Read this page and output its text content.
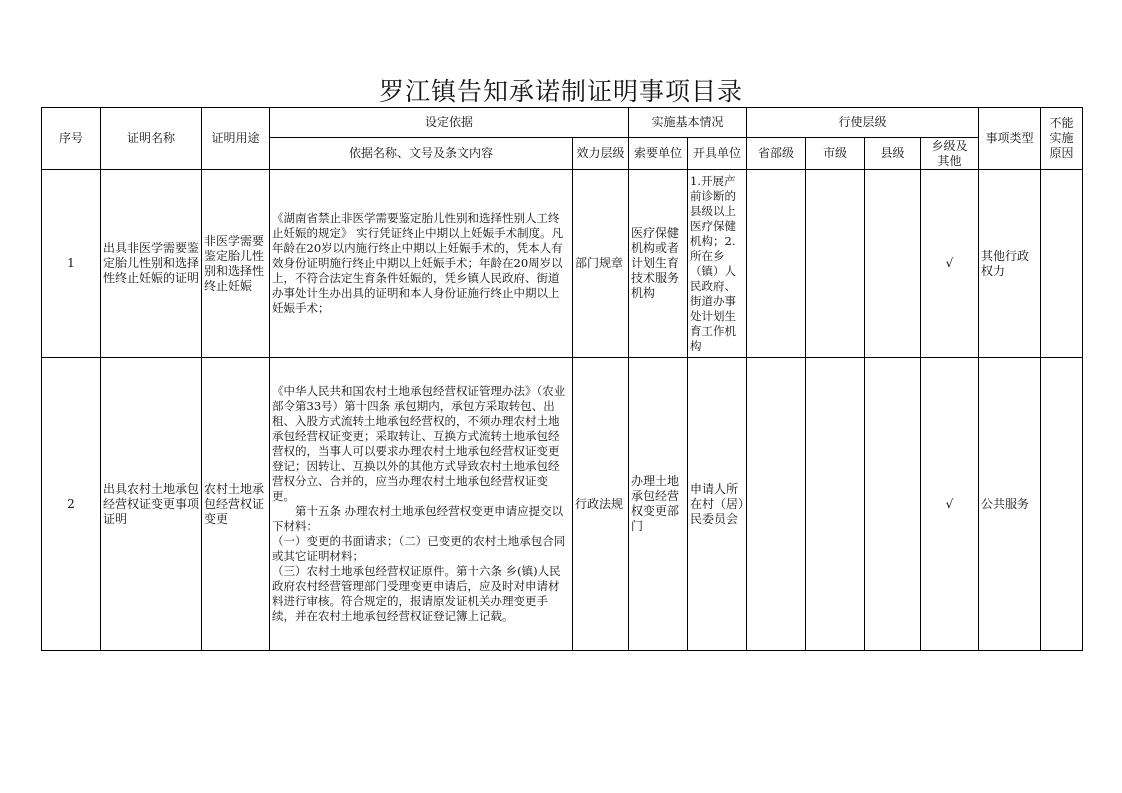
罗江镇告知承诺制证明事项目录
序号	证明名称	证明用途	设定依据		实施基本情况		行使层级				事项类型	不能
实施
原因
			依据名称、文号及条文内容	效力层级	索要单位	开具单位	省部级	市级	县级	乡级及
其他		
1	出具非医学需要鉴定胎儿性别和选择性终止妊娠的证明	非医学需要鉴定胎儿性别和选择性终止妊娠	《湖南省禁止非医学需要鉴定胎儿性别和选择性别人工终止妊娠的规定》 实行凭证终止中期以上妊娠手术制度。凡年龄在20岁以内施行终止中期以上妊娠手术的，凭本人有效身份证明施行终止中期以上妊娠手术；年龄在20周岁以上，不符合法定生育条件妊娠的，凭乡镇人民政府、街道办事处计生办出具的证明和本人身份证施行终止中期以上妊娠手术；	部门规章	医疗保健机构或者计划生育技术服务机构	1.开展产前诊断的县级以上医疗保健机构；2.所在乡（镇）人民政府、街道办事处计划生育工作机构				√	其他行政权力	
2	出具农村土地承包经营权证变更事项证明	农村土地承包经营权证变更	《中华人民共和国农村土地承包经营权证管理办法》（农业部令第33号）第十四条 承包期内，承包方采取转包、出租、入股方式流转土地承包经营权的，不须办理农村土地承包经营权证变更；采取转让、互换方式流转土地承包经营权的，当事人可以要求办理农村土地承包经营权证变更登记；因转让、互换以外的其他方式导致农村土地承包经营权分立、合并的，应当办理农村土地承包经营权证变更。
　　第十五条 办理农村土地承包经营权变更申请应提交以下材料：
（一）变更的书面请求；（二）已变更的农村土地承包合同或其它证明材料；
（三）农村土地承包经营权证原件。第十六条 乡(镇)人民政府农村经营管理部门受理变更申请后，应及时对申请材料进行审核。符合规定的，报请原发证机关办理变更手续，并在农村土地承包经营权证登记簿上记载。	行政法规	办理土地承包经营权变更部门	申请人所在村（居）民委员会				√	公共服务	
